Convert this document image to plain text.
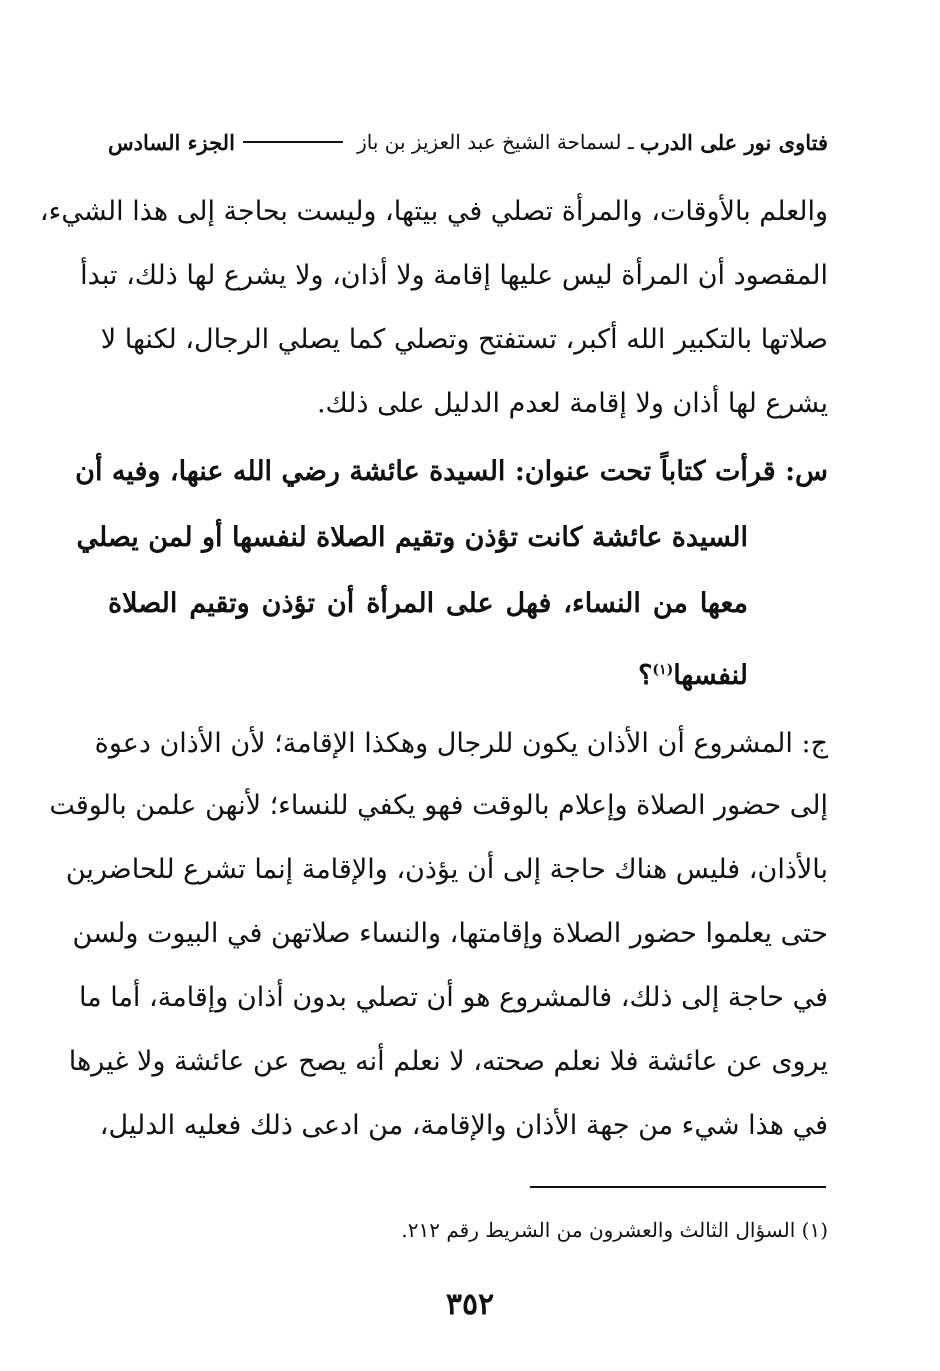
فتاوى نور على الدرب
ـ لسماحة الشيخ عبد العزيز بن باز
الجزء السادس
والعلم بالأوقات، والمرأة تصلي في بيتها، وليست بحاجة إلى هذا الشيء،
المقصود أن المرأة ليس عليها إقامة ولا أذان، ولا يشرع لها ذلك، تبدأ
صلاتها بالتكبير الله أكبر، تستفتح وتصلي كما يصلي الرجال، لكنها لا
يشرع لها أذان ولا إقامة لعدم الدليل على ذلك.
س: قرأت كتاباً تحت عنوان: السيدة عائشة رضي الله عنها، وفيه أن
السيدة عائشة كانت تؤذن وتقيم الصلاة لنفسها أو لمن يصلي
معها من النساء، فهل على المرأة أن تؤذن وتقيم الصلاة
لنفسها$^{(١)}$؟
ج: المشروع أن الأذان يكون للرجال وهكذا الإقامة؛ لأن الأذان دعوة
إلى حضور الصلاة وإعلام بالوقت فهو يكفي للنساء؛ لأنهن علمن بالوقت
بالأذان، فليس هناك حاجة إلى أن يؤذن، والإقامة إنما تشرع للحاضرين
حتى يعلموا حضور الصلاة وإقامتها، والنساء صلاتهن في البيوت ولسن
في حاجة إلى ذلك، فالمشروع هو أن تصلي بدون أذان وإقامة، أما ما
يروى عن عائشة فلا نعلم صحته، لا نعلم أنه يصح عن عائشة ولا غيرها
في هذا شيء من جهة الأذان والإقامة، من ادعى ذلك فعليه الدليل،
(١) السؤال الثالث والعشرون من الشريط رقم ٢١٢.
٣٥٢
